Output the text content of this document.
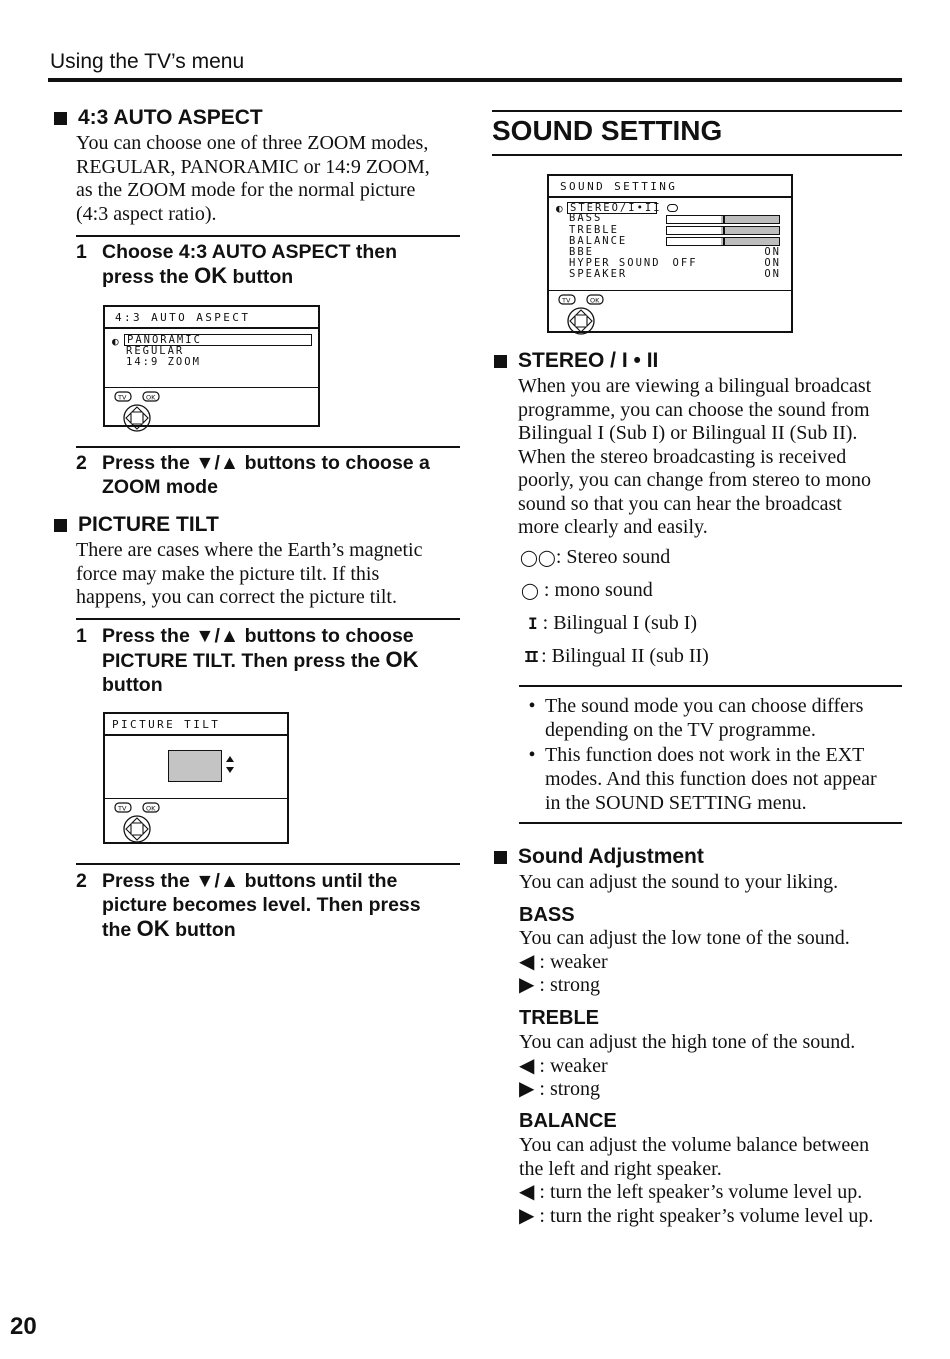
Using the TV’s menu
4:3 AUTO ASPECT
You can choose one of three ZOOM modes,
REGULAR, PANORAMIC or 14:9 ZOOM,
as the ZOOM mode for the normal picture
(4:3 aspect ratio).
1 Choose 4:3 AUTO ASPECT then
press the OK button
4:3 AUTO ASPECT
◐ PANORAMIC
REGULAR
14:9 ZOOM
TV	OK
2 Press the ▼/▲ buttons to choose a
ZOOM mode
PICTURE TILT
There are cases where the Earth’s magnetic
force may make the picture tilt. If this
happens, you can correct the picture tilt.
1 Press the ▼/▲ buttons to choose
PICTURE TILT. Then press the OK
button
PICTURE TILT
TV	OK
2 Press the ▼/▲ buttons until the
picture becomes level. Then press
the OK button
SOUND SETTING
SOUND SETTING
◐ STEREO/I•II
BASS
TREBLE
BALANCE
BBE	ON
HYPER SOUND OFF	ON
SPEAKER	ON
TV	OK
STEREO / I • II
When you are viewing a bilingual broadcast
programme, you can choose the sound from
Bilingual I (Sub I) or Bilingual II (Sub II).
When the stereo broadcasting is received
poorly, you can change from stereo to mono
sound so that you can hear the broadcast
more clearly and easily.
◯◯: Stereo sound
◯ : mono sound
I : Bilingual I (sub I)
II : Bilingual II (sub II)
• The sound mode you can choose differs
depending on the TV programme.
• This function does not work in the EXT
modes. And this function does not appear
in the SOUND SETTING menu.
Sound Adjustment
You can adjust the sound to your liking.
BASS
You can adjust the low tone of the sound.
◀ : weaker
▶ : strong
TREBLE
You can adjust the high tone of the sound.
◀ : weaker
▶ : strong
BALANCE
You can adjust the volume balance between
the left and right speaker.
◀ : turn the left speaker’s volume level up.
▶ : turn the right speaker’s volume level up.
20
